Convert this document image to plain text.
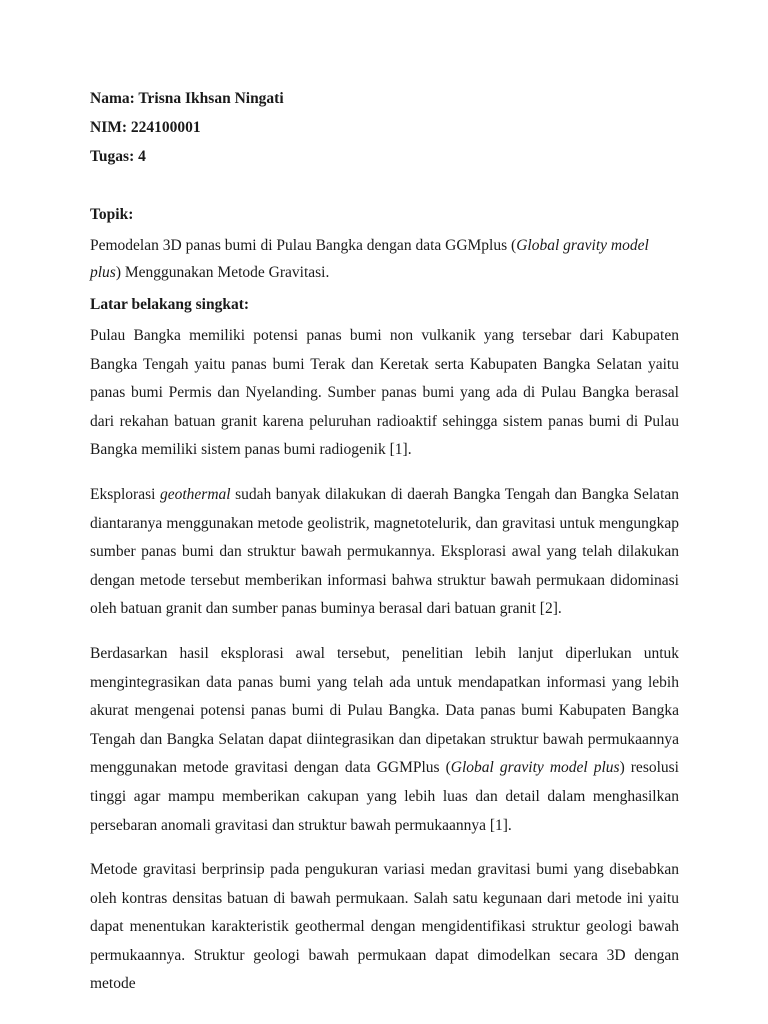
Nama: Trisna Ikhsan Ningati

NIM: 224100001

Tugas: 4

Topik:

Pemodelan 3D panas bumi di Pulau Bangka dengan data GGMplus (Global gravity model plus) Menggunakan Metode Gravitasi.

Latar belakang singkat:

Pulau Bangka memiliki potensi panas bumi non vulkanik yang tersebar dari Kabupaten Bangka Tengah yaitu panas bumi Terak dan Keretak serta Kabupaten Bangka Selatan yaitu panas bumi Permis dan Nyelanding. Sumber panas bumi yang ada di Pulau Bangka berasal dari rekahan batuan granit karena peluruhan radioaktif sehingga sistem panas bumi di Pulau Bangka memiliki sistem panas bumi radiogenik [1].

Eksplorasi geothermal sudah banyak dilakukan di daerah Bangka Tengah dan Bangka Selatan diantaranya menggunakan metode geolistrik, magnetotelurik, dan gravitasi untuk mengungkap sumber panas bumi dan struktur bawah permukannya. Eksplorasi awal yang telah dilakukan dengan metode tersebut memberikan informasi bahwa struktur bawah permukaan didominasi oleh batuan granit dan sumber panas buminya berasal dari batuan granit [2].

Berdasarkan hasil eksplorasi awal tersebut, penelitian lebih lanjut diperlukan untuk mengintegrasikan data panas bumi yang telah ada untuk mendapatkan informasi yang lebih akurat mengenai potensi panas bumi di Pulau Bangka. Data panas bumi Kabupaten Bangka Tengah dan Bangka Selatan dapat diintegrasikan dan dipetakan struktur bawah permukaannya menggunakan metode gravitasi dengan data GGMPlus (Global gravity model plus) resolusi tinggi agar mampu memberikan cakupan yang lebih luas dan detail dalam menghasilkan persebaran anomali gravitasi dan struktur bawah permukaannya [1].

Metode gravitasi berprinsip pada pengukuran variasi medan gravitasi bumi yang disebabkan oleh kontras densitas batuan di bawah permukaan. Salah satu kegunaan dari metode ini yaitu dapat menentukan karakteristik geothermal dengan mengidentifikasi struktur geologi bawah permukaannya. Struktur geologi bawah permukaan dapat dimodelkan secara 3D dengan metode
